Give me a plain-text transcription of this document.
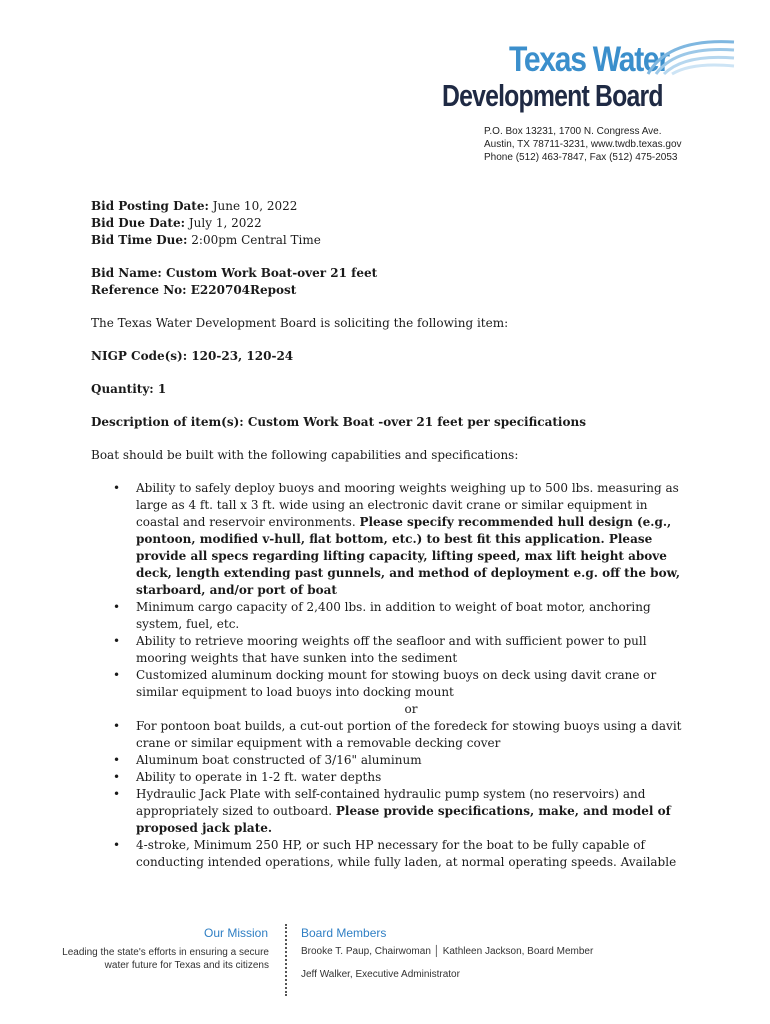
Texas Water
Development Board
P.O. Box 13231, 1700 N. Congress Ave.
Austin, TX 78711-3231, www.twdb.texas.gov
Phone (512) 463-7847, Fax (512) 475-2053

Bid Posting Date: June 10, 2022

Bid Due Date: July 1, 2022

Bid Time Due: 2:00pm Central Time

Bid Name: Custom Work Boat-over 21 feet

Reference No: E220704Repost

The Texas Water Development Board is soliciting the following item:

NIGP Code(s): 120-23, 120-24

Quantity: 1

Description of item(s): Custom Work Boat -over 21 feet per specifications

Boat should be built with the following capabilities and specifications:

• Ability to safely deploy buoys and mooring weights weighing up to 500 lbs. measuring as large as 4 ft. tall x 3 ft. wide using an electronic davit crane or similar equipment in coastal and reservoir environments. Please specify recommended hull design (e.g., pontoon, modified v-hull, flat bottom, etc.) to best fit this application. Please provide all specs regarding lifting capacity, lifting speed, max lift height above deck, length extending past gunnels, and method of deployment e.g. off the bow, starboard, and/or port of boat
• Minimum cargo capacity of 2,400 lbs. in addition to weight of boat motor, anchoring system, fuel, etc.
• Ability to retrieve mooring weights off the seafloor and with sufficient power to pull mooring weights that have sunken into the sediment
• Customized aluminum docking mount for stowing buoys on deck using davit crane or similar equipment to load buoys into docking mount
or
• For pontoon boat builds, a cut-out portion of the foredeck for stowing buoys using a davit crane or similar equipment with a removable decking cover
• Aluminum boat constructed of 3/16" aluminum
• Ability to operate in 1-2 ft. water depths
• Hydraulic Jack Plate with self-contained hydraulic pump system (no reservoirs) and appropriately sized to outboard. Please provide specifications, make, and model of proposed jack plate.
• 4-stroke, Minimum 250 HP, or such HP necessary for the boat to be fully capable of conducting intended operations, while fully laden, at normal operating speeds. Available
Our Mission
Leading the state's efforts in ensuring a secure water future for Texas and its citizens
Board Members
Brooke T. Paup, Chairwoman │ Kathleen Jackson, Board Member
Jeff Walker, Executive Administrator
